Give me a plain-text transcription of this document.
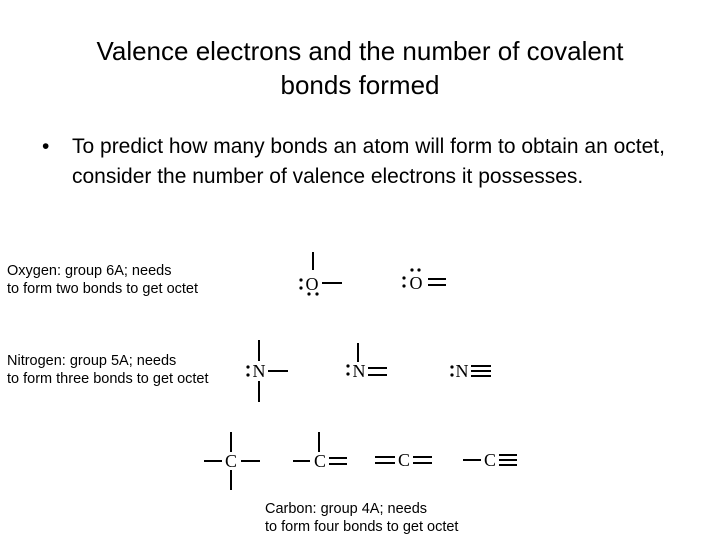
Valence electrons and the number of covalent
bonds formed
• To predict how many bonds an atom will form to obtain an octet, consider the number of valence electrons it possesses.
Oxygen: group 6A; needs
to form two bonds to get octet
Nitrogen: group 5A; needs
to form three bonds to get octet
Carbon: group 4A; needs
to form four bonds to get octet
O	O
N	N	N
C	C	C	C
